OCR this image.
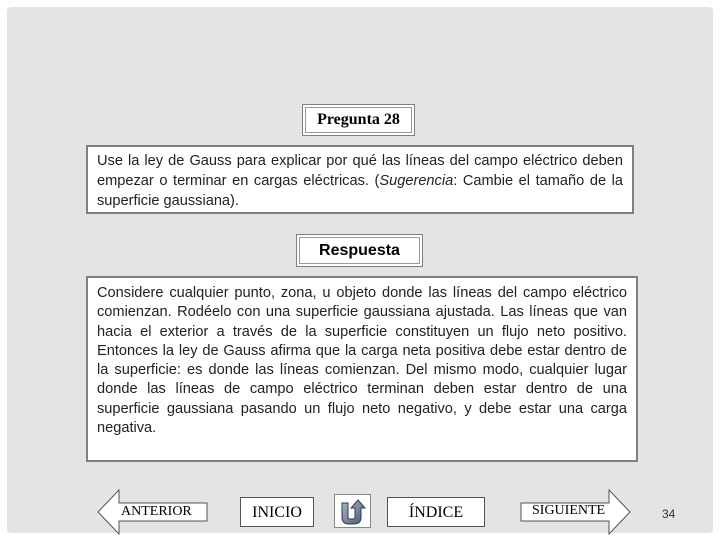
Pregunta 28
Use la ley de Gauss para explicar por qué las líneas del campo eléctrico deben empezar o terminar en cargas eléctricas. (Sugerencia: Cambie el tamaño de la superficie gaussiana).
Respuesta
Considere cualquier punto, zona, u objeto donde las líneas del campo eléctrico comienzan. Rodéelo con una superficie gaussiana ajustada. Las líneas que van hacia el exterior a través de la superficie constituyen un flujo neto positivo. Entonces la ley de Gauss afirma que la carga neta positiva debe estar dentro de la superficie: es donde las líneas comienzan. Del mismo modo, cualquier lugar donde las líneas de campo eléctrico terminan deben estar dentro de una superficie gaussiana pasando un flujo neto negativo, y debe estar una carga negativa.
ANTERIOR	INICIO	ÍNDICE	SIGUIENTE	34
